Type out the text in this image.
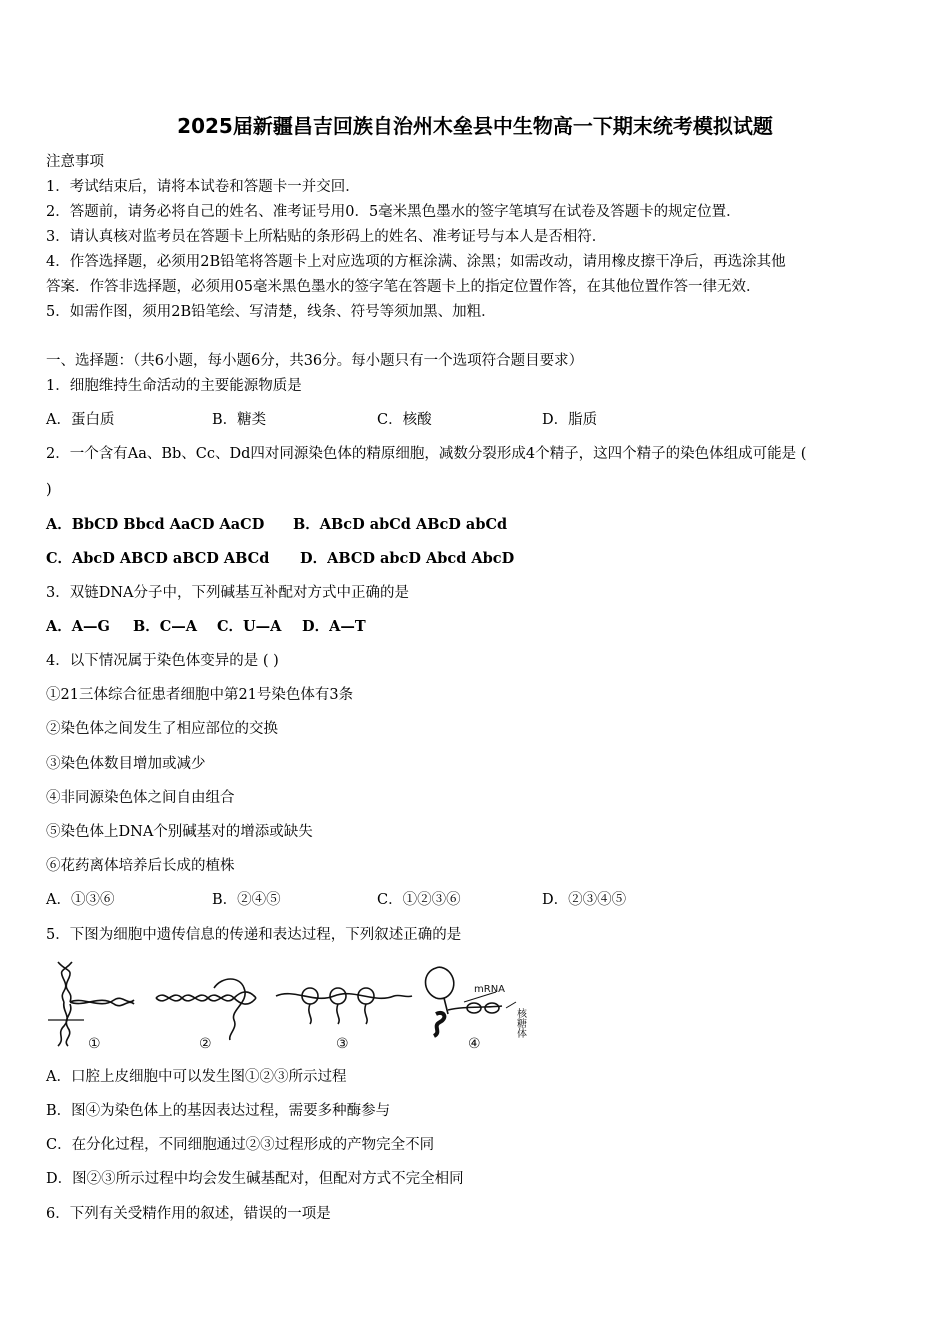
2025届新疆昌吉回族自治州木垒县中生物高一下期末统考模拟试题
注意事项
1．考试结束后，请将本试卷和答题卡一并交回．
2．答题前，请务必将自己的姓名、准考证号用0．5毫米黑色墨水的签字笔填写在试卷及答题卡的规定位置．
3．请认真核对监考员在答题卡上所粘贴的条形码上的姓名、准考证号与本人是否相符．
4．作答选择题，必须用2B铅笔将答题卡上对应选项的方框涂满、涂黑；如需改动，请用橡皮擦干净后，再选涂其他
答案．作答非选择题，必须用05毫米黑色墨水的签字笔在答题卡上的指定位置作答，在其他位置作答一律无效．
5．如需作图，须用2B铅笔绘、写清楚，线条、符号等须加黑、加粗．
一、选择题：（共6小题，每小题6分，共36分。每小题只有一个选项符合题目要求）
1．细胞维持生命活动的主要能源物质是
A．蛋白质	B．糖类	C．核酸	D．脂质
2．一个含有Aa、Bb、Cc、Dd四对同源染色体的精原细胞，减数分裂形成4个精子，这四个精子的染色体组成可能是 (
)
A．BbCD Bbcd AaCD AaCD B．ABcD abCd ABcD abCd
C．AbcD ABCD aBCD ABCd D．ABCD abcD Abcd AbcD
3．双链DNA分子中，下列碱基互补配对方式中正确的是
A．A—G B．C—A C．U—A D．A—T
4．以下情况属于染色体变异的是 ( )
①21三体综合征患者细胞中第21号染色体有3条
②染色体之间发生了相应部位的交换
③染色体数目增加或减少
④非同源染色体之间自由组合
⑤染色体上DNA个别碱基对的增添或缺失
⑥花药离体培养后长成的植株
A．①③⑥	B．②④⑤	C．①②③⑥	D．②③④⑤
5．下图为细胞中遗传信息的传递和表达过程，下列叙述正确的是
①	②	③
mRNA
核糖体
④
A．口腔上皮细胞中可以发生图①②③所示过程
B．图④为染色体上的基因表达过程，需要多种酶参与
C．在分化过程，不同细胞通过②③过程形成的产物完全不同
D．图②③所示过程中均会发生碱基配对，但配对方式不完全相同
6．下列有关受精作用的叙述，错误的一项是
